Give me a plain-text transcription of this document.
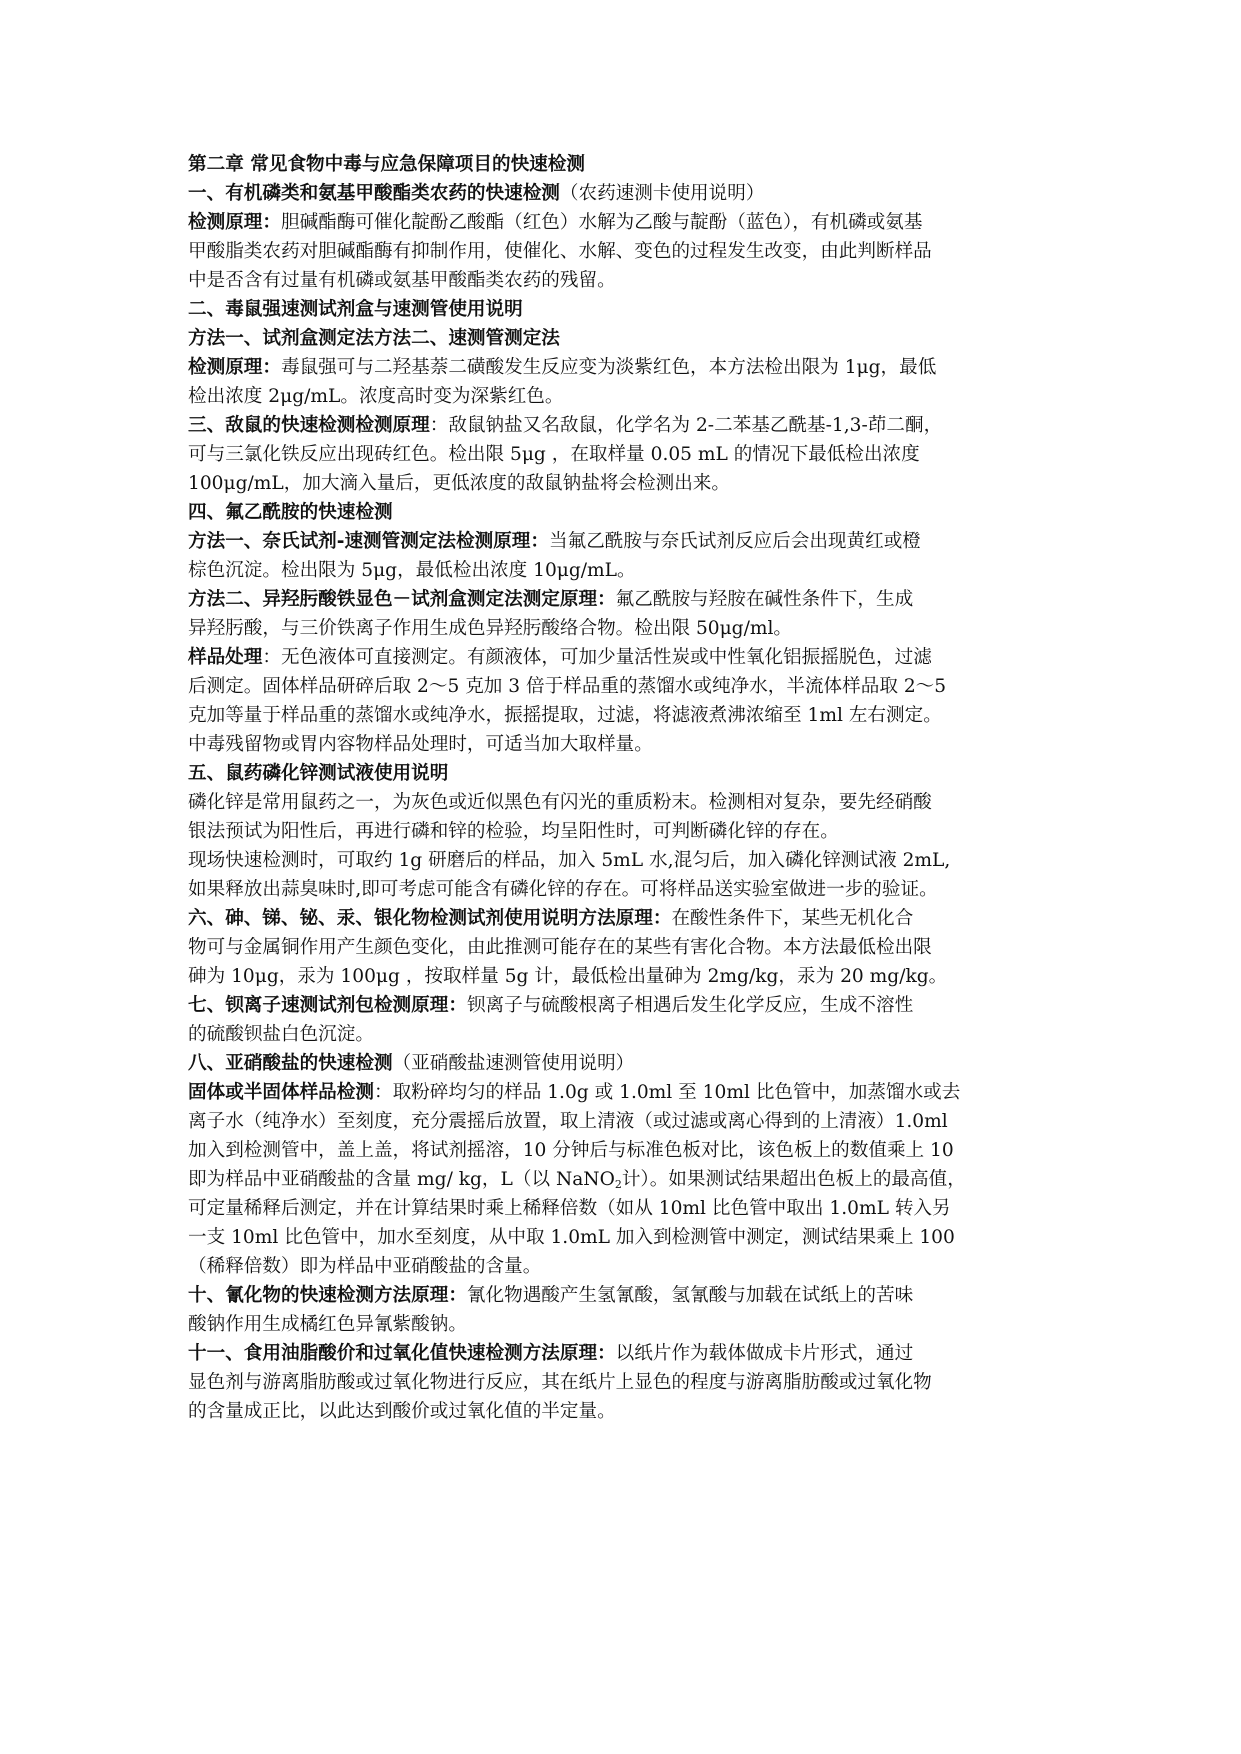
第二章 常见食物中毒与应急保障项目的快速检测
一、有机磷类和氨基甲酸酯类农药的快速检测（农药速测卡使用说明）
检测原理：胆碱酯酶可催化靛酚乙酸酯（红色）水解为乙酸与靛酚（蓝色），有机磷或氨基
甲酸脂类农药对胆碱酯酶有抑制作用，使催化、水解、变色的过程发生改变，由此判断样品
中是否含有过量有机磷或氨基甲酸酯类农药的残留。
二、毒鼠强速测试剂盒与速测管使用说明
方法一、试剂盒测定法方法二、速测管测定法
检测原理：毒鼠强可与二羟基萘二磺酸发生反应变为淡紫红色，本方法检出限为 1μg，最低
检出浓度 2μg/mL。浓度高时变为深紫红色。
三、敌鼠的快速检测检测原理：敌鼠钠盐又名敌鼠，化学名为 2-二苯基乙酰基-1,3-茚二酮，
可与三氯化铁反应出现砖红色。检出限 5μg ，在取样量 0.05 mL 的情况下最低检出浓度
100μg/mL，加大滴入量后，更低浓度的敌鼠钠盐将会检测出来。
四、氟乙酰胺的快速检测
方法一、奈氏试剂-速测管测定法检测原理：当氟乙酰胺与奈氏试剂反应后会出现黄红或橙
棕色沉淀。检出限为 5μg，最低检出浓度 10μg/mL。
方法二、异羟肟酸铁显色－试剂盒测定法测定原理：氟乙酰胺与羟胺在碱性条件下，生成
异羟肟酸，与三价铁离子作用生成色异羟肟酸络合物。检出限 50μg/ml。
样品处理：无色液体可直接测定。有颜液体，可加少量活性炭或中性氧化铝振摇脱色，过滤
后测定。固体样品研碎后取 2～5 克加 3 倍于样品重的蒸馏水或纯净水，半流体样品取 2～5
克加等量于样品重的蒸馏水或纯净水，振摇提取，过滤，将滤液煮沸浓缩至 1ml 左右测定。
中毒残留物或胃内容物样品处理时，可适当加大取样量。
五、鼠药磷化锌测试液使用说明
磷化锌是常用鼠药之一，为灰色或近似黑色有闪光的重质粉末。检测相对复杂，要先经硝酸
银法预试为阳性后，再进行磷和锌的检验，均呈阳性时，可判断磷化锌的存在。
现场快速检测时，可取约 1g 研磨后的样品，加入 5mL 水,混匀后，加入磷化锌测试液 2mL,
如果释放出蒜臭味时,即可考虑可能含有磷化锌的存在。可将样品送实验室做进一步的验证。
六、砷、锑、铋、汞、银化物检测试剂使用说明方法原理：在酸性条件下，某些无机化合
物可与金属铜作用产生颜色变化，由此推测可能存在的某些有害化合物。本方法最低检出限
砷为 10μg，汞为 100μg ，按取样量 5g 计，最低检出量砷为 2mg/kg，汞为 20 mg/kg。
七、钡离子速测试剂包检测原理：钡离子与硫酸根离子相遇后发生化学反应，生成不溶性
的硫酸钡盐白色沉淀。
八、亚硝酸盐的快速检测（亚硝酸盐速测管使用说明）
固体或半固体样品检测：取粉碎均匀的样品 1.0g 或 1.0ml 至 10ml 比色管中，加蒸馏水或去
离子水（纯净水）至刻度，充分震摇后放置，取上清液（或过滤或离心得到的上清液）1.0ml
加入到检测管中，盖上盖，将试剂摇溶，10 分钟后与标准色板对比，该色板上的数值乘上 10
即为样品中亚硝酸盐的含量 mg/ kg，L（以 NaNO$_2$计）。如果测试结果超出色板上的最高值，
可定量稀释后测定，并在计算结果时乘上稀释倍数（如从 10ml 比色管中取出 1.0mL 转入另
一支 10ml 比色管中，加水至刻度，从中取 1.0mL 加入到检测管中测定，测试结果乘上 100
（稀释倍数）即为样品中亚硝酸盐的含量。
十、氰化物的快速检测方法原理：氰化物遇酸产生氢氰酸，氢氰酸与加载在试纸上的苦味
酸钠作用生成橘红色异氰紫酸钠。
十一、食用油脂酸价和过氧化值快速检测方法原理：以纸片作为载体做成卡片形式，通过
显色剂与游离脂肪酸或过氧化物进行反应，其在纸片上显色的程度与游离脂肪酸或过氧化物
的含量成正比，以此达到酸价或过氧化值的半定量。
